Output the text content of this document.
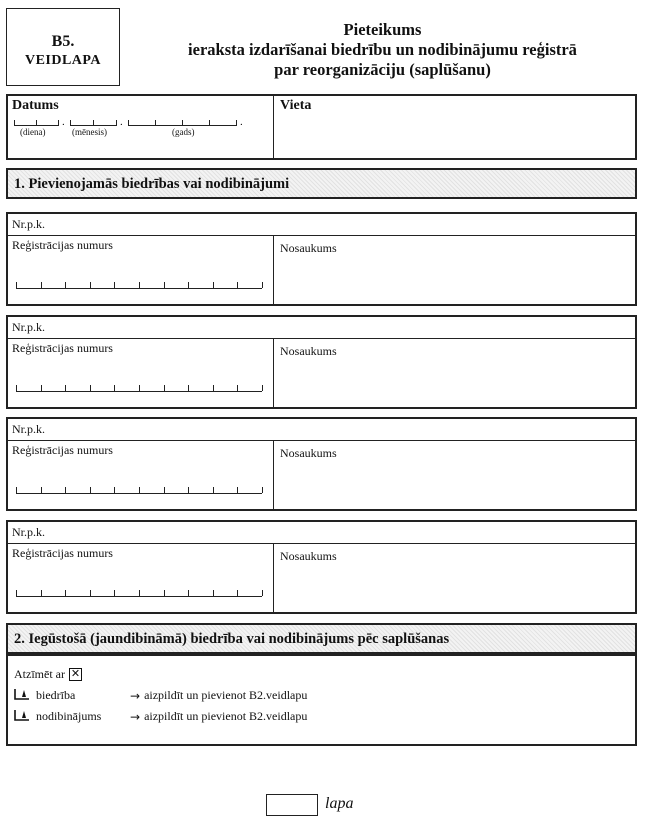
B5.
VEIDLAPA
Pieteikums
ieraksta izdarīšanai biedrību un nodibinājumu reģistrā
par reorganizāciju (saplūšanu)
Datums
.	.	.
(diena)	(mēnesis)	(gads)
Vieta
1. Pievienojamās biedrības vai nodibinājumi
Nr.p.k.
Reģistrācijas numurs	Nosaukums
Nr.p.k.
Reģistrācijas numurs	Nosaukums
Nr.p.k.
Reģistrācijas numurs	Nosaukums
Nr.p.k.
Reģistrācijas numurs	Nosaukums
2. Iegūstošā (jaundibināmā) biedrība vai nodibinājums pēc saplūšanas
Atzīmēt ar ✕
biedrība	→ aizpildīt un pievienot B2.veidlapu
nodibinājums	→ aizpildīt un pievienot B2.veidlapu
lapa
